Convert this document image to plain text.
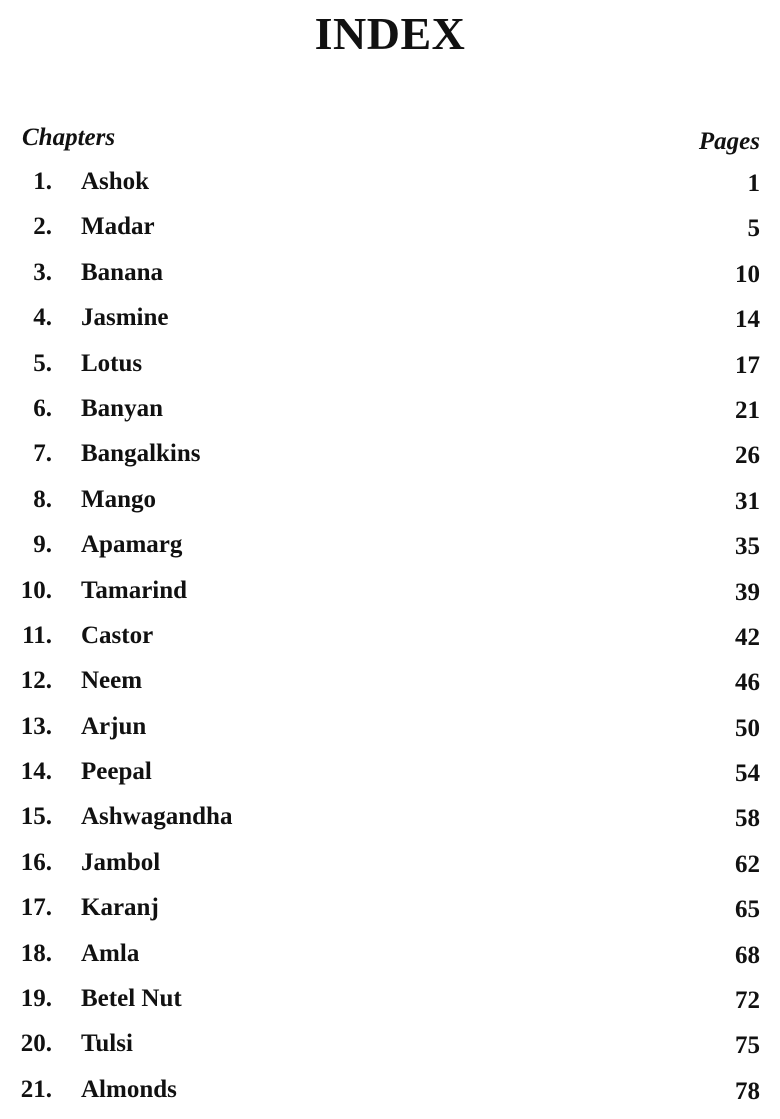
INDEX
Chapters	Pages
1. Ashok	1
2. Madar	5
3. Banana	10
4. Jasmine	14
5. Lotus	17
6. Banyan	21
7. Bangalkins	26
8. Mango	31
9. Apamarg	35
10. Tamarind	39
11. Castor	42
12. Neem	46
13. Arjun	50
14. Peepal	54
15. Ashwagandha	58
16. Jambol	62
17. Karanj	65
18. Amla	68
19. Betel Nut	72
20. Tulsi	75
21. Almonds	78
